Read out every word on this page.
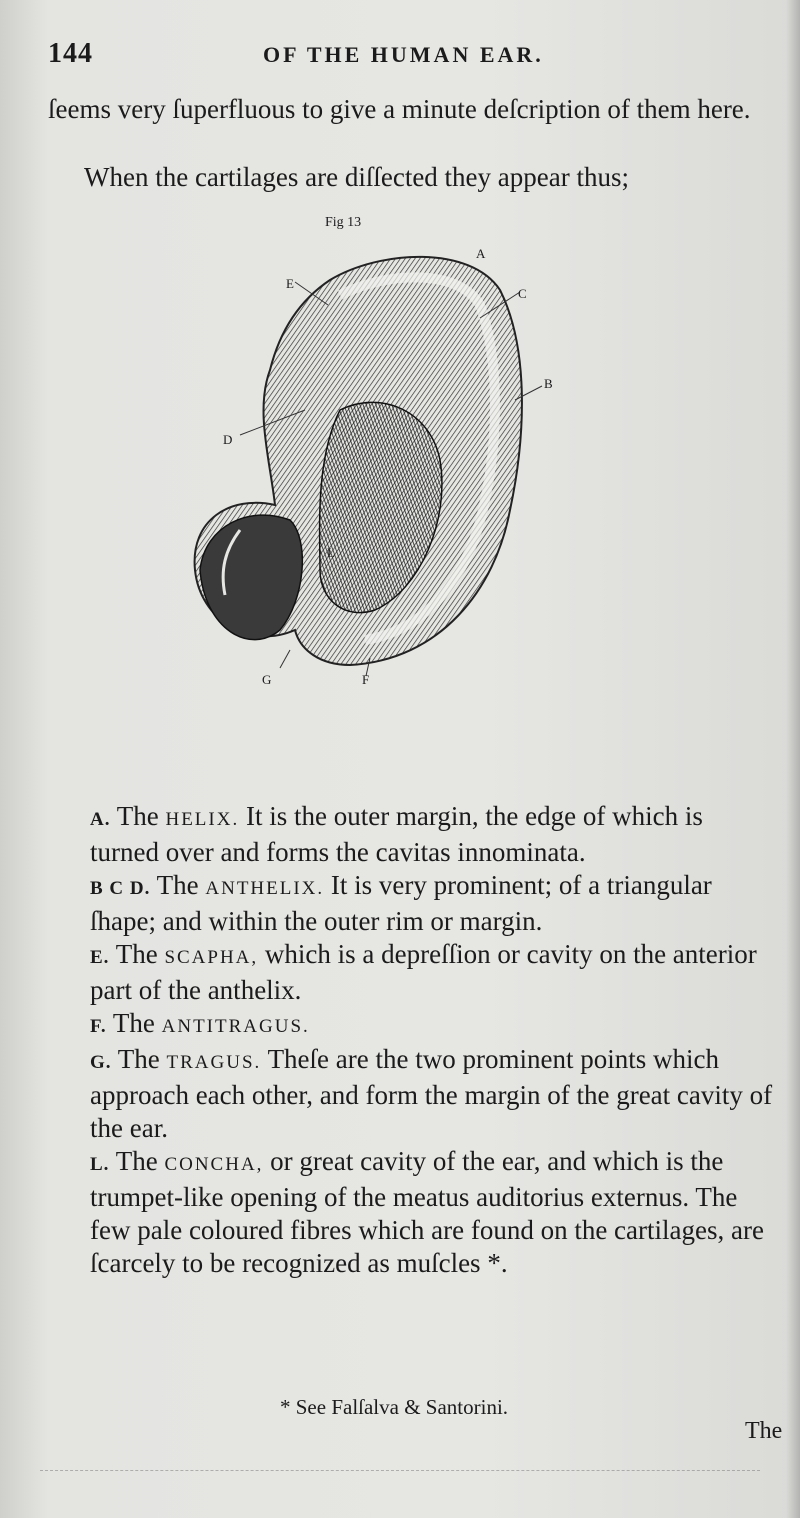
144	OF THE HUMAN EAR.

ſeems very ſuperfluous to give a minute deſcription of them here.

When the cartilages are diſſected they appear thus;

Fig 13
A
B
C
D
E
F
G
L

A. The HELIX. It is the outer margin, the edge of which is turned over and forms the cavitas innominata.

B C D. The ANTHELIX. It is very prominent; of a triangular ſhape; and within the outer rim or margin.

E. The SCAPHA, which is a depreſſion or cavity on the anterior part of the anthelix.

F. The ANTITRAGUS.

G. The TRAGUS. Theſe are the two prominent points which approach each other, and form the margin of the great cavity of the ear.

L. The CONCHA, or great cavity of the ear, and which is the trumpet-like opening of the meatus auditorius externus. The few pale coloured fibres which are found on the cartilages, are ſcarcely to be recognized as muſcles *.

* See Falſalva & Santorini.
The
